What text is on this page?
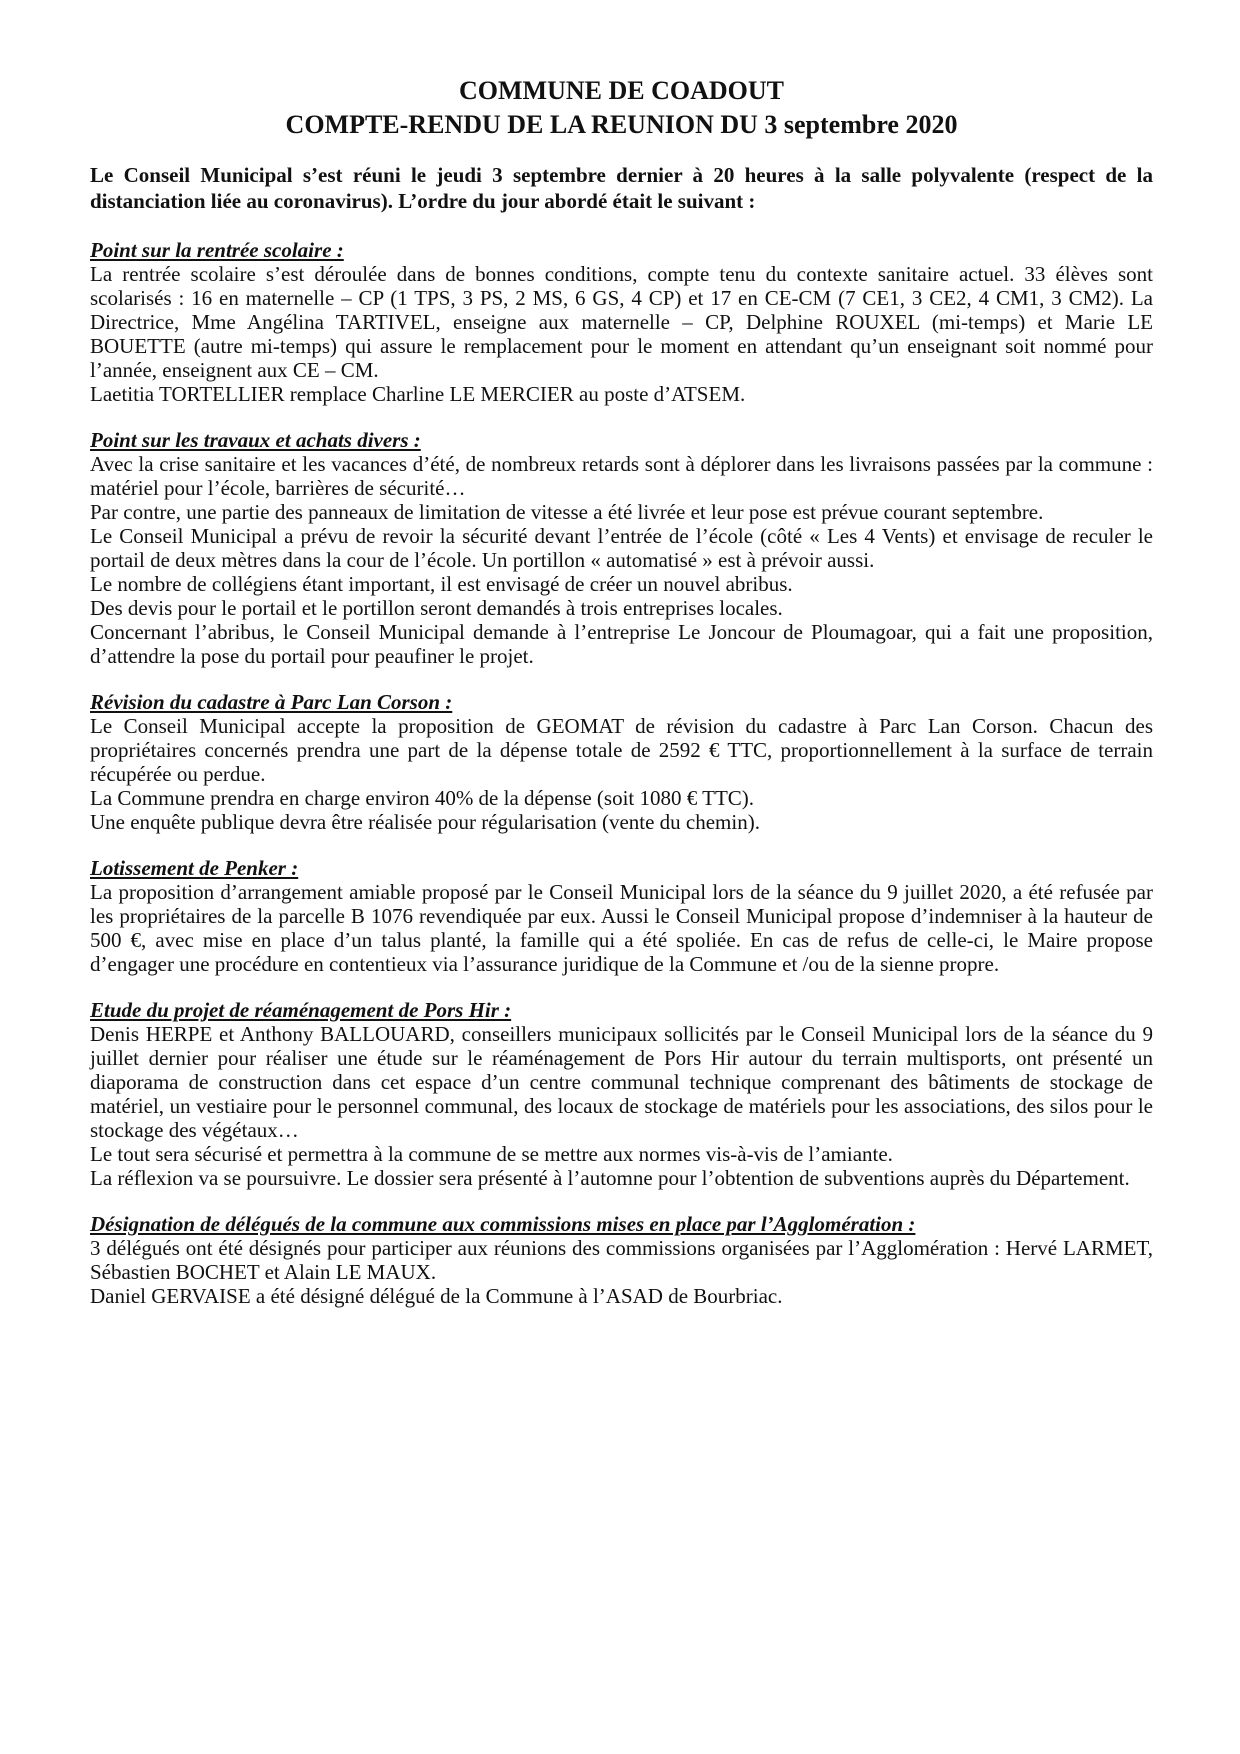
COMMUNE DE COADOUT
COMPTE-RENDU DE LA REUNION DU 3 septembre 2020

Le Conseil Municipal s’est réuni le jeudi 3 septembre dernier à 20 heures à la salle polyvalente (respect de la distanciation liée au coronavirus). L’ordre du jour abordé était le suivant :

Point sur la rentrée scolaire :

La rentrée scolaire s’est déroulée dans de bonnes conditions, compte tenu du contexte sanitaire actuel. 33 élèves sont scolarisés : 16 en maternelle – CP (1 TPS, 3 PS, 2 MS, 6 GS, 4 CP) et 17 en CE-CM (7 CE1, 3 CE2, 4 CM1, 3 CM2). La Directrice, Mme Angélina TARTIVEL, enseigne aux maternelle – CP, Delphine ROUXEL (mi-temps) et Marie LE BOUETTE (autre mi-temps) qui assure le remplacement pour le moment en attendant qu’un enseignant soit nommé pour l’année, enseignent aux CE – CM.

Laetitia TORTELLIER remplace Charline LE MERCIER au poste d’ATSEM.

Point sur les travaux et achats divers :

Avec la crise sanitaire et les vacances d’été, de nombreux retards sont à déplorer dans les livraisons passées par la commune : matériel pour l’école, barrières de sécurité…

Par contre, une partie des panneaux de limitation de vitesse a été livrée et leur pose est prévue courant septembre.

Le Conseil Municipal a prévu de revoir la sécurité devant l’entrée de l’école (côté « Les 4 Vents) et envisage de reculer le portail de deux mètres dans la cour de l’école. Un portillon « automatisé » est à prévoir aussi.

Le nombre de collégiens étant important, il est envisagé de créer un nouvel abribus.

Des devis pour le portail et le portillon seront demandés à trois entreprises locales.

Concernant l’abribus, le Conseil Municipal demande à l’entreprise Le Joncour de Ploumagoar, qui a fait une proposition, d’attendre la pose du portail pour peaufiner le projet.

Révision du cadastre à Parc Lan Corson :

Le Conseil Municipal accepte la proposition de GEOMAT de révision du cadastre à Parc Lan Corson. Chacun des propriétaires concernés prendra une part de la dépense totale de 2592 € TTC, proportionnellement à la surface de terrain récupérée ou perdue.

La Commune prendra en charge environ 40% de la dépense (soit 1080 € TTC).

Une enquête publique devra être réalisée pour régularisation (vente du chemin).

Lotissement de Penker :

La proposition d’arrangement amiable proposé par le Conseil Municipal lors de la séance du 9 juillet 2020, a été refusée par les propriétaires de la parcelle B 1076 revendiquée par eux. Aussi le Conseil Municipal propose d’indemniser à la hauteur de 500 €, avec mise en place d’un talus planté, la famille qui a été spoliée. En cas de refus de celle-ci, le Maire propose d’engager une procédure en contentieux via l’assurance juridique de la Commune et /ou de la sienne propre.

Etude du projet de réaménagement de Pors Hir :

Denis HERPE et Anthony BALLOUARD, conseillers municipaux sollicités par le Conseil Municipal lors de la séance du 9 juillet dernier pour réaliser une étude sur le réaménagement de Pors Hir autour du terrain multisports, ont présenté un diaporama de construction dans cet espace d’un centre communal technique comprenant des bâtiments de stockage de matériel, un vestiaire pour le personnel communal, des locaux de stockage de matériels pour les associations, des silos pour le stockage des végétaux…

Le tout sera sécurisé et permettra à la commune de se mettre aux normes vis-à-vis de l’amiante.

La réflexion va se poursuivre. Le dossier sera présenté à l’automne pour l’obtention de subventions auprès du Département.

Désignation de délégués de la commune aux commissions mises en place par l’Agglomération :

3 délégués ont été désignés pour participer aux réunions des commissions organisées par l’Agglomération : Hervé LARMET, Sébastien BOCHET et Alain LE MAUX.

Daniel GERVAISE a été désigné délégué de la Commune à l’ASAD de Bourbriac.
